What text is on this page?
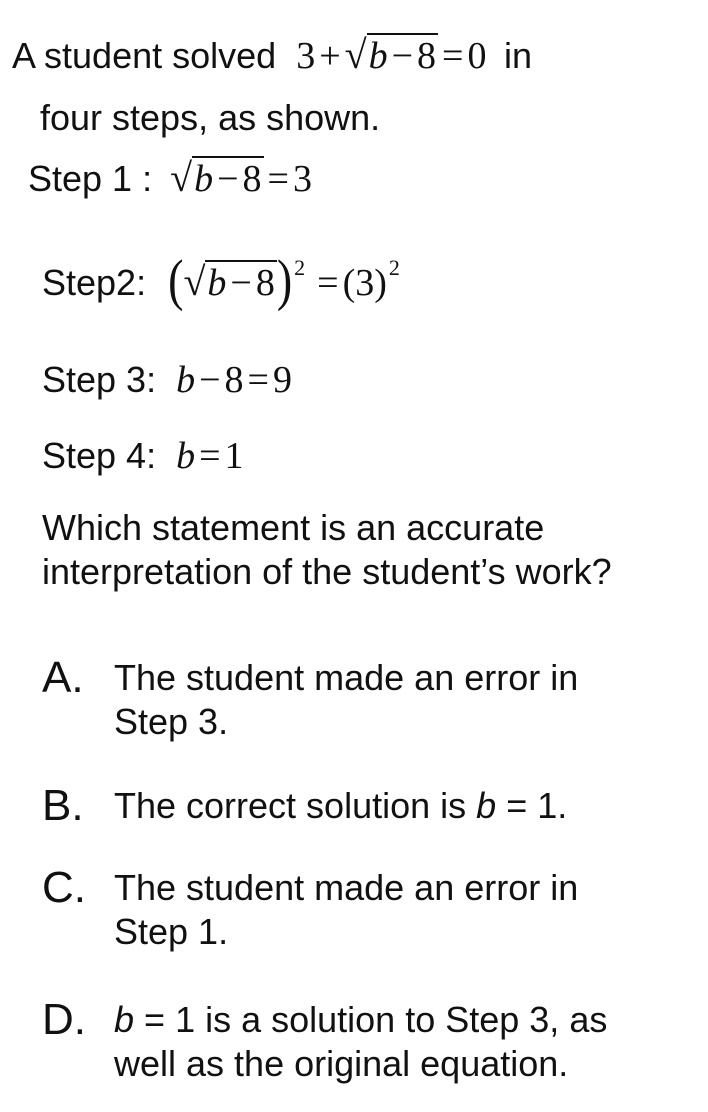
A student solved 3 + √b − 8 = 0 in
four steps, as shown.
Step 1 : √b − 8 = 3
Step2: $(√b - 8)^2 = (3)^2$
Step 3: b − 8 = 9
Step 4: b = 1
Which statement is an accurate
interpretation of the student’s work?
A. The student made an error in
Step 3.
B. The correct solution is b = 1.
C. The student made an error in
Step 1.
D. b = 1 is a solution to Step 3, as
well as the original equation.
